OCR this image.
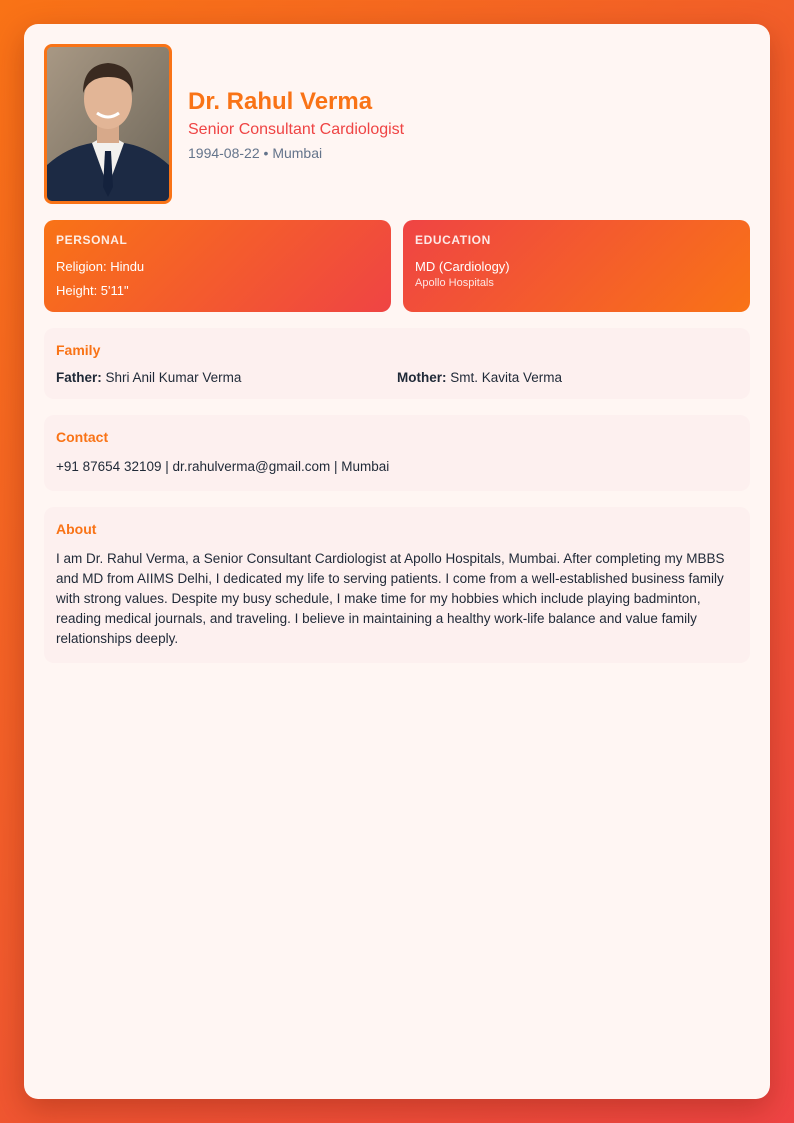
Dr. Rahul Verma
Senior Consultant Cardiologist
1994-08-22 • Mumbai
PERSONAL
Religion: Hindu
Height: 5'11"
EDUCATION
MD (Cardiology)
Apollo Hospitals
Family
Father: Shri Anil Kumar Verma	Mother: Smt. Kavita Verma
Contact
+91 87654 32109 | dr.rahulverma@gmail.com | Mumbai
About
I am Dr. Rahul Verma, a Senior Consultant Cardiologist at Apollo Hospitals, Mumbai. After completing my MBBS and MD from AIIMS Delhi, I dedicated my life to serving patients. I come from a well-established business family with strong values. Despite my busy schedule, I make time for my hobbies which include playing badminton, reading medical journals, and traveling. I believe in maintaining a healthy work-life balance and value family relationships deeply.
